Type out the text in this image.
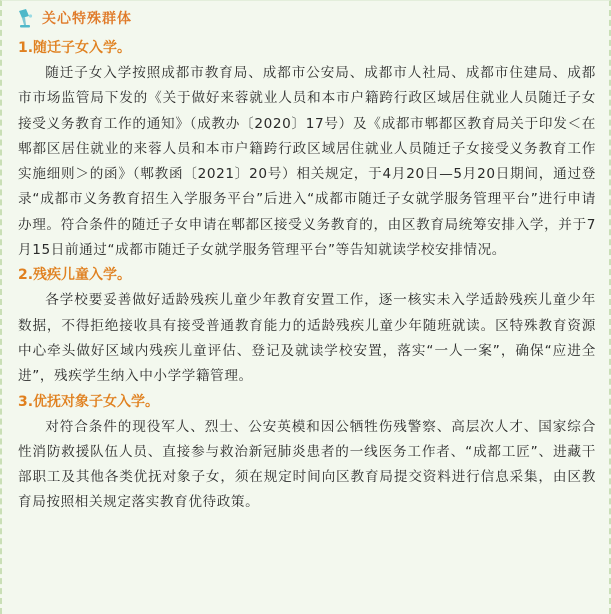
关心特殊群体

1.随迁子女入学。

随迁子女入学按照成都市教育局、成都市公安局、成都市人社局、成都市住建局、成都市市场监管局下发的《关于做好来蓉就业人员和本市户籍跨行政区域居住就业人员随迁子女接受义务教育工作的通知》（成教办〔2020〕17号）及《成都市郫都区教育局关于印发＜在郫都区居住就业的来蓉人员和本市户籍跨行政区域居住就业人员随迁子女接受义务教育工作实施细则＞的函》（郫教函〔2021〕20号）相关规定，于4月20日—5月20日期间，通过登录“成都市义务教育招生入学服务平台”后进入“成都市随迁子女就学服务管理平台”进行申请办理。符合条件的随迁子女申请在郫都区接受义务教育的，由区教育局统筹安排入学，并于7月15日前通过“成都市随迁子女就学服务管理平台”等告知就读学校安排情况。

2.残疾儿童入学。

各学校要妥善做好适龄残疾儿童少年教育安置工作，逐一核实未入学适龄残疾儿童少年数据，不得拒绝接收具有接受普通教育能力的适龄残疾儿童少年随班就读。区特殊教育资源中心牵头做好区域内残疾儿童评估、登记及就读学校安置，落实“一人一案”，确保“应进全进”，残疾学生纳入中小学学籍管理。

3.优抚对象子女入学。

对符合条件的现役军人、烈士、公安英模和因公牺牲伤残警察、高层次人才、国家综合性消防救援队伍人员、直接参与救治新冠肺炎患者的一线医务工作者、“成都工匠”、进藏干部职工及其他各类优抚对象子女，须在规定时间向区教育局提交资料进行信息采集，由区教育局按照相关规定落实教育优待政策。
